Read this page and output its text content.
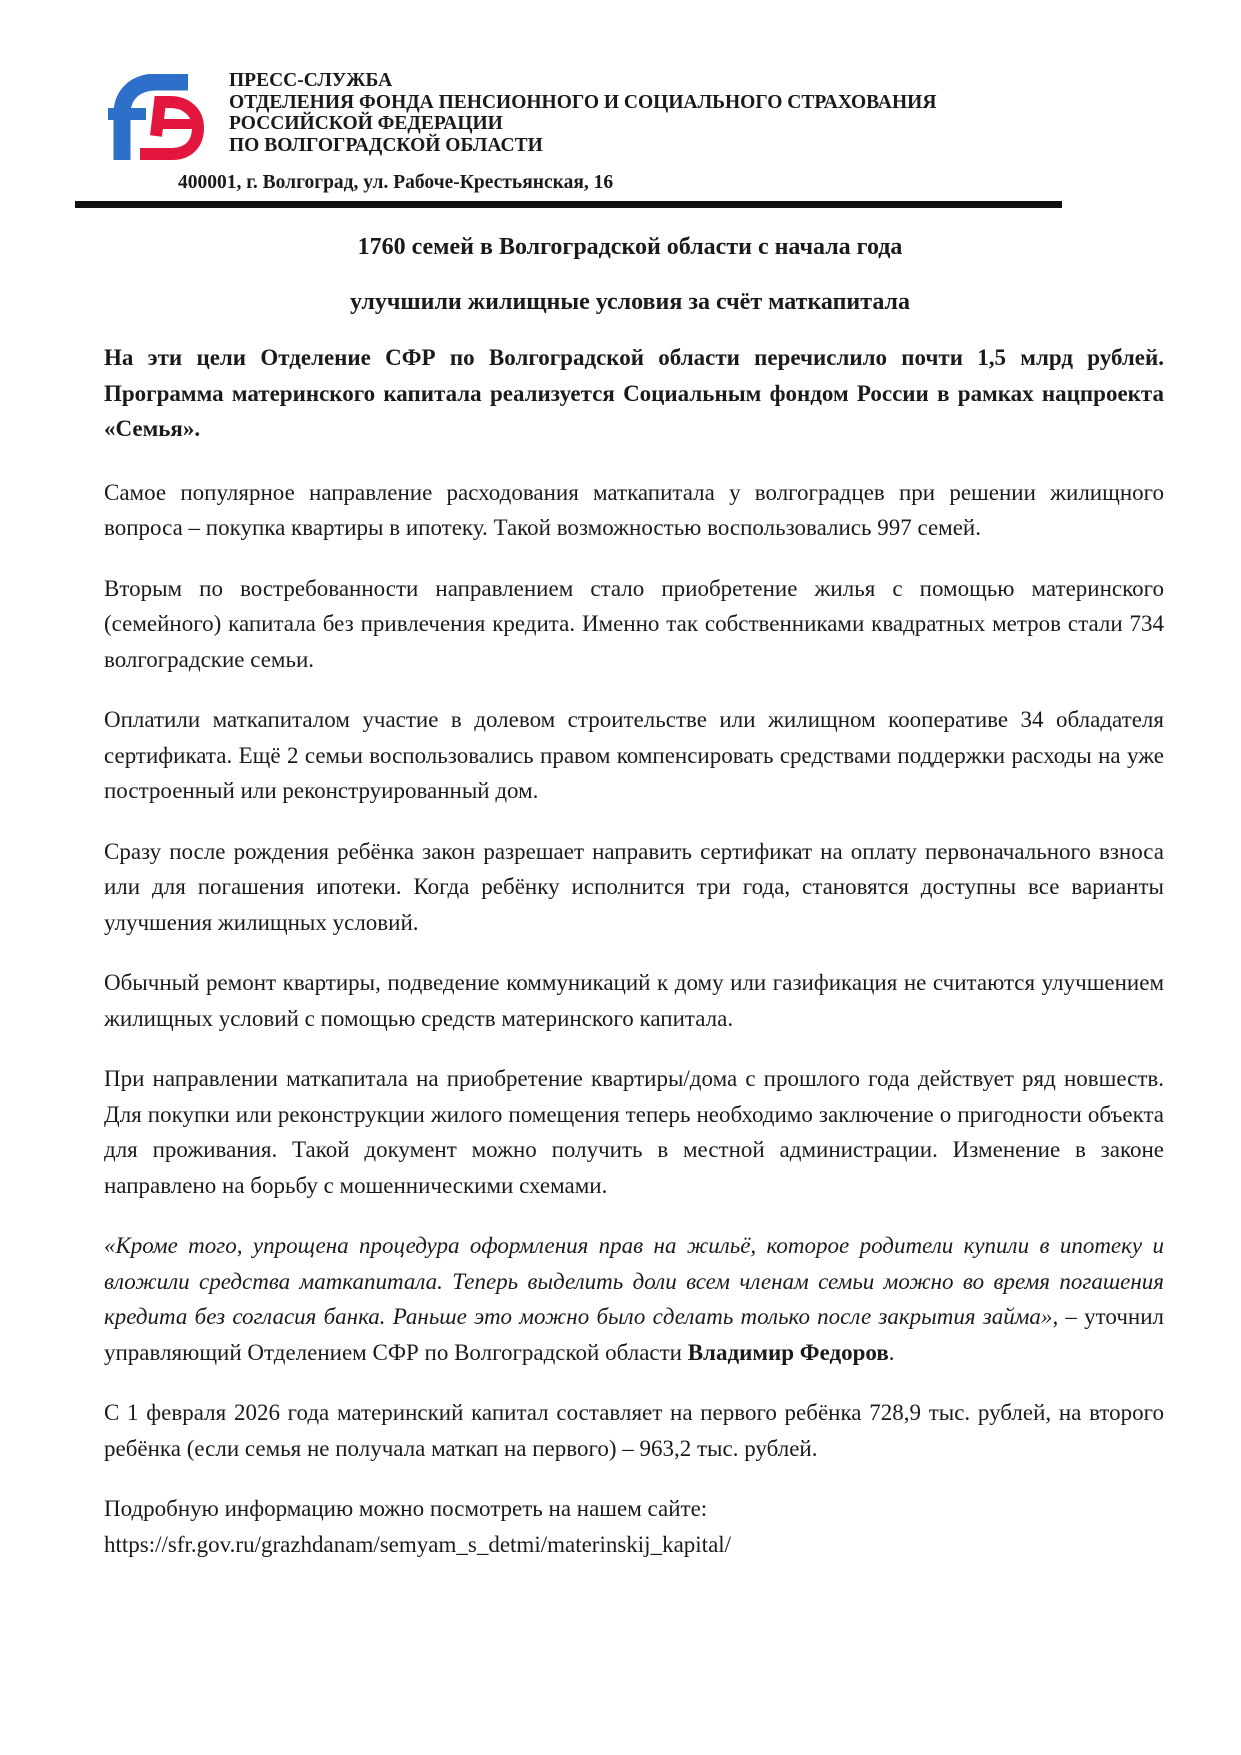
ПРЕСС-СЛУЖБА
ОТДЕЛЕНИЯ ФОНДА ПЕНСИОННОГО И СОЦИАЛЬНОГО СТРАХОВАНИЯ
РОССИЙСКОЙ ФЕДЕРАЦИИ
ПО ВОЛГОГРАДСКОЙ ОБЛАСТИ
400001, г. Волгоград, ул. Рабоче-Крестьянская, 16
1760 семей в Волгоградской области с начала года
улучшили жилищные условия за счёт маткапитала

На эти цели Отделение СФР по Волгоградской области перечислило почти 1,5 млрд рублей. Программа материнского капитала реализуется Социальным фондом России в рамках нацпроекта «Семья».

Самое популярное направление расходования маткапитала у волгоградцев при решении жилищного вопроса – покупка квартиры в ипотеку. Такой возможностью воспользовались 997 семей.

Вторым по востребованности направлением стало приобретение жилья с помощью материнского (семейного) капитала без привлечения кредита. Именно так собственниками квадратных метров стали 734 волгоградские семьи.

Оплатили маткапиталом участие в долевом строительстве или жилищном кооперативе 34 обладателя сертификата. Ещё 2 семьи воспользовались правом компенсировать средствами поддержки расходы на уже построенный или реконструированный дом.

Сразу после рождения ребёнка закон разрешает направить сертификат на оплату первоначального взноса или для погашения ипотеки. Когда ребёнку исполнится три года, становятся доступны все варианты улучшения жилищных условий.

Обычный ремонт квартиры, подведение коммуникаций к дому или газификация не считаются улучшением жилищных условий с помощью средств материнского капитала.

При направлении маткапитала на приобретение квартиры/дома с прошлого года действует ряд новшеств. Для покупки или реконструкции жилого помещения теперь необходимо заключение о пригодности объекта для проживания. Такой документ можно получить в местной администрации. Изменение в законе направлено на борьбу с мошенническими схемами.

«Кроме того, упрощена процедура оформления прав на жильё, которое родители купили в ипотеку и вложили средства маткапитала. Теперь выделить доли всем членам семьи можно во время погашения кредита без согласия банка. Раньше это можно было сделать только после закрытия займа», – уточнил управляющий Отделением СФР по Волгоградской области Владимир Федоров.

С 1 февраля 2026 года материнский капитал составляет на первого ребёнка 728,9 тыс. рублей, на второго ребёнка (если семья не получала маткап на первого) – 963,2 тыс. рублей.

Подробную информацию можно посмотреть на нашем сайте:
https://sfr.gov.ru/grazhdanam/semyam_s_detmi/materinskij_kapital/
